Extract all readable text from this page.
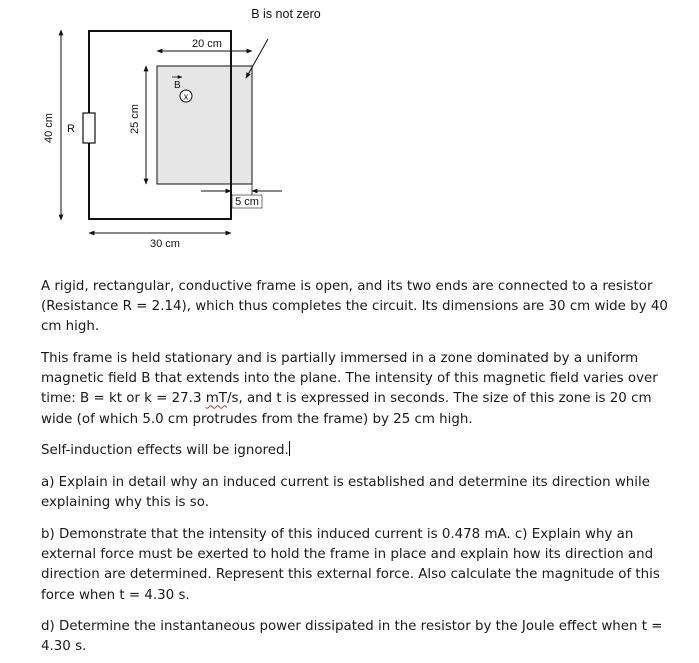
40 cm R	25 cm
20 cm
B
x
B is not zero
5 cm
30 cm

A rigid, rectangular, conductive frame is open, and its two ends are connected to a resistor (Resistance R = 2.14), which thus completes the circuit. Its dimensions are 30 cm wide by 40 cm high.

This frame is held stationary and is partially immersed in a zone dominated by a uniform magnetic field B that extends into the plane. The intensity of this magnetic field varies over time: B = kt or k = 27.3 mT/s, and t is expressed in seconds. The size of this zone is 20 cm wide (of which 5.0 cm protrudes from the frame) by 25 cm high.

Self-induction effects will be ignored.

a) Explain in detail why an induced current is established and determine its direction while explaining why this is so.

b) Demonstrate that the intensity of this induced current is 0.478 mA. c) Explain why an external force must be exerted to hold the frame in place and explain how its direction and direction are determined. Represent this external force. Also calculate the magnitude of this force when t = 4.30 s.

d) Determine the instantaneous power dissipated in the resistor by the Joule effect when t = 4.30 s.
